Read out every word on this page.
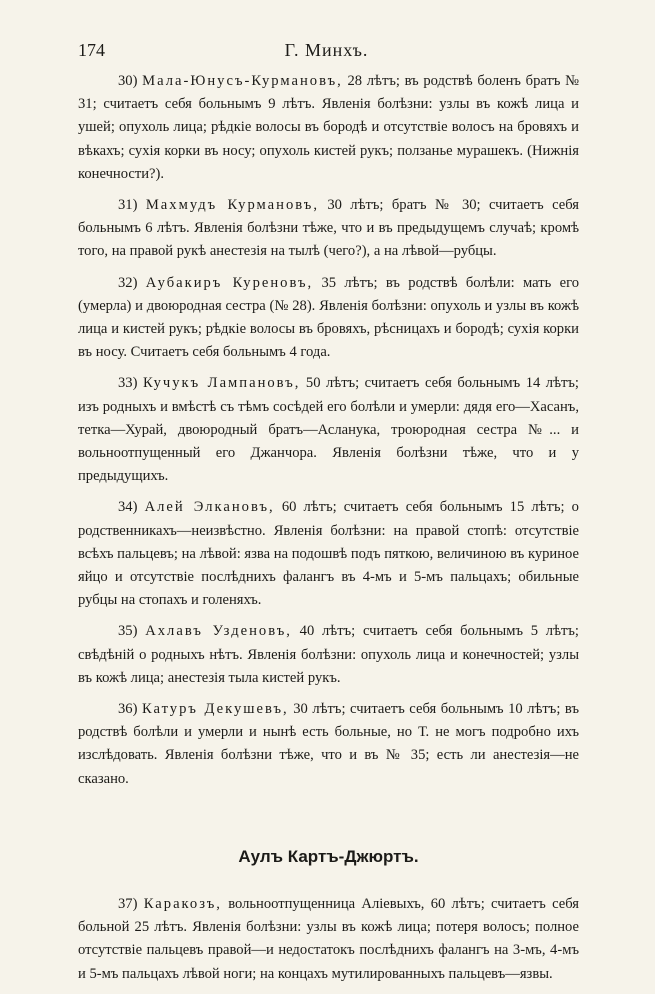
174	Г. Минхъ.

30) Мала-Юнусъ-Курмановъ, 28 лѣтъ; въ родствѣ боленъ братъ № 31; считаетъ себя больнымъ 9 лѣтъ. Явленія болѣзни: узлы въ кожѣ лица и ушей; опухоль лица; рѣдкіе волосы въ бородѣ и отсутствіе волосъ на бровяхъ и вѣкахъ; сухія корки въ носу; опухоль кистей рукъ; ползанье мурашекъ. (Нижнія конечности?).

31) Махмудъ Курмановъ, 30 лѣтъ; братъ № 30; считаетъ себя больнымъ 6 лѣтъ. Явленія болѣзни тѣже, что и въ предыдущемъ случаѣ; кромѣ того, на правой рукѣ анестезія на тылѣ (чего?), а на лѣвой—рубцы.

32) Аубакиръ Куреновъ, 35 лѣтъ; въ родствѣ болѣли: мать его (умерла) и двоюродная сестра (№ 28). Явленія болѣзни: опухоль и узлы въ кожѣ лица и кистей рукъ; рѣдкіе волосы въ бровяхъ, рѣсницахъ и бородѣ; сухія корки въ носу. Считаетъ себя больнымъ 4 года.

33) Кучукъ Лампановъ, 50 лѣтъ; считаетъ себя больнымъ 14 лѣтъ; изъ родныхъ и вмѣстѣ съ тѣмъ сосѣдей его болѣли и умерли: дядя его—Хасанъ, тетка—Хурай, двоюродный братъ—Асланука, троюродная сестра №... и вольноотпущенный его Джанчора. Явленія болѣзни тѣже, что и у предыдущихъ.

34) Алей Элкановъ, 60 лѣтъ; считаетъ себя больнымъ 15 лѣтъ; о родственникахъ—неизвѣстно. Явленія болѣзни: на правой стопѣ: отсутствіе всѣхъ пальцевъ; на лѣвой: язва на подошвѣ подъ пяткою, величиною въ куриное яйцо и отсутствіе послѣднихъ фалангъ въ 4-мъ и 5-мъ пальцахъ; обильные рубцы на стопахъ и голеняхъ.

35) Ахлавъ Узденовъ, 40 лѣтъ; считаетъ себя больнымъ 5 лѣтъ; свѣдѣній о родныхъ нѣтъ. Явленія болѣзни: опухоль лица и конечностей; узлы въ кожѣ лица; анестезія тыла кистей рукъ.

36) Катуръ Декушевъ, 30 лѣтъ; считаетъ себя больнымъ 10 лѣтъ; въ родствѣ болѣли и умерли и нынѣ есть больные, но Т. не могъ подробно ихъ изслѣдовать. Явленія болѣзни тѣже, что и въ № 35; есть ли анестезія—не сказано.

Аулъ Картъ-Джюртъ.

37) Каракозъ, вольноотпущенница Алiевыхъ, 60 лѣтъ; считаетъ себя больной 25 лѣтъ. Явленія болѣзни: узлы въ кожѣ лица; потеря волосъ; полное отсутствіе пальцевъ правой—и недостатокъ послѣднихъ фалангъ на 3-мъ, 4-мъ и 5-мъ пальцахъ лѣвой ноги; на концахъ мутилированныхъ пальцевъ—язвы.
